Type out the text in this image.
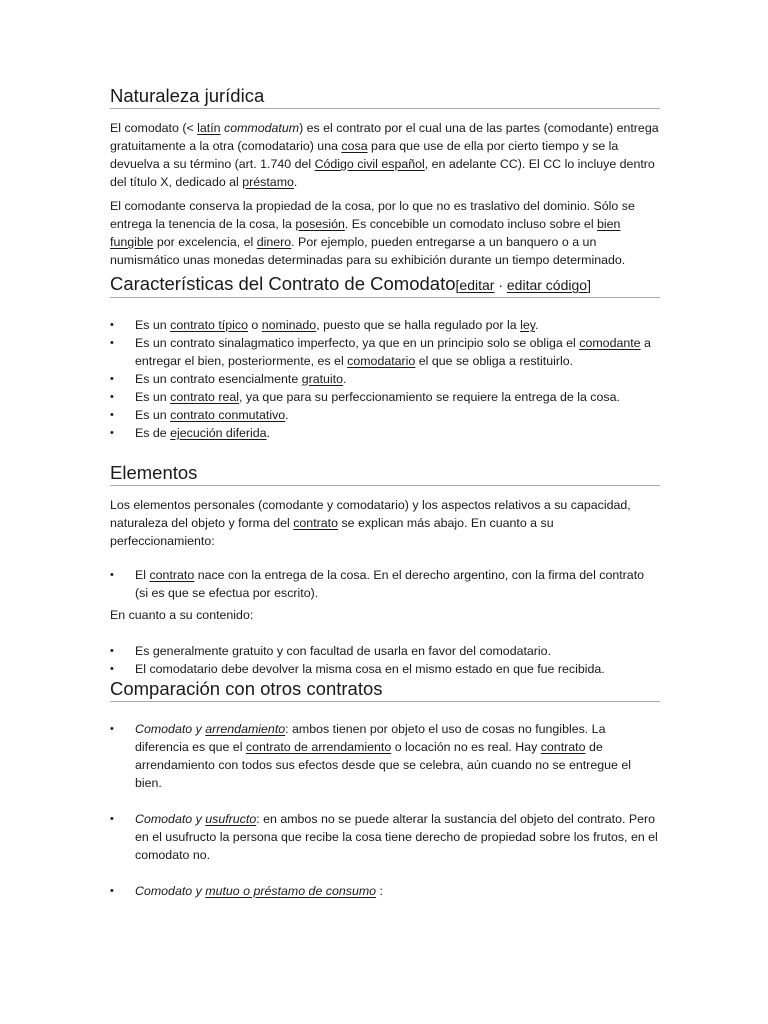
Naturaleza jurídica

El comodato (< latín commodatum) es el contrato por el cual una de las partes (comodante) entrega gratuitamente a la otra (comodatario) una cosa para que use de ella por cierto tiempo y se la devuelva a su término (art. 1.740 del Código civil español, en adelante CC). El CC lo incluye dentro del título X, dedicado al préstamo.

El comodante conserva la propiedad de la cosa, por lo que no es traslativo del dominio. Sólo se entrega la tenencia de la cosa, la posesión. Es concebible un comodato incluso sobre el bien fungible por excelencia, el dinero. Por ejemplo, pueden entregarse a un banquero o a un numismático unas monedas determinadas para su exhibición durante un tiempo determinado.

Características del Contrato de Comodato[editar · editar código]
• Es un contrato típico o nominado, puesto que se halla regulado por la ley.
• Es un contrato sinalagmatico imperfecto, ya que en un principio solo se obliga el comodante a entregar el bien, posteriormente, es el comodatario el que se obliga a restituirlo.
• Es un contrato esencialmente gratuito.
• Es un contrato real, ya que para su perfeccionamiento se requiere la entrega de la cosa.
• Es un contrato conmutativo.
• Es de ejecución diferida.
Elementos

Los elementos personales (comodante y comodatario) y los aspectos relativos a su capacidad, naturaleza del objeto y forma del contrato se explican más abajo. En cuanto a su perfeccionamiento:

• El contrato nace con la entrega de la cosa. En el derecho argentino, con la firma del contrato (si es que se efectua por escrito).

En cuanto a su contenido:

• Es generalmente gratuito y con facultad de usarla en favor del comodatario.
• El comodatario debe devolver la misma cosa en el mismo estado en que fue recibida.
Comparación con otros contratos
• Comodato y arrendamiento: ambos tienen por objeto el uso de cosas no fungibles. La diferencia es que el contrato de arrendamiento o locación no es real. Hay contrato de arrendamiento con todos sus efectos desde que se celebra, aún cuando no se entregue el bien.
• Comodato y usufructo: en ambos no se puede alterar la sustancia del objeto del contrato. Pero en el usufructo la persona que recibe la cosa tiene derecho de propiedad sobre los frutos, en el comodato no.
• Comodato y mutuo o préstamo de consumo :
